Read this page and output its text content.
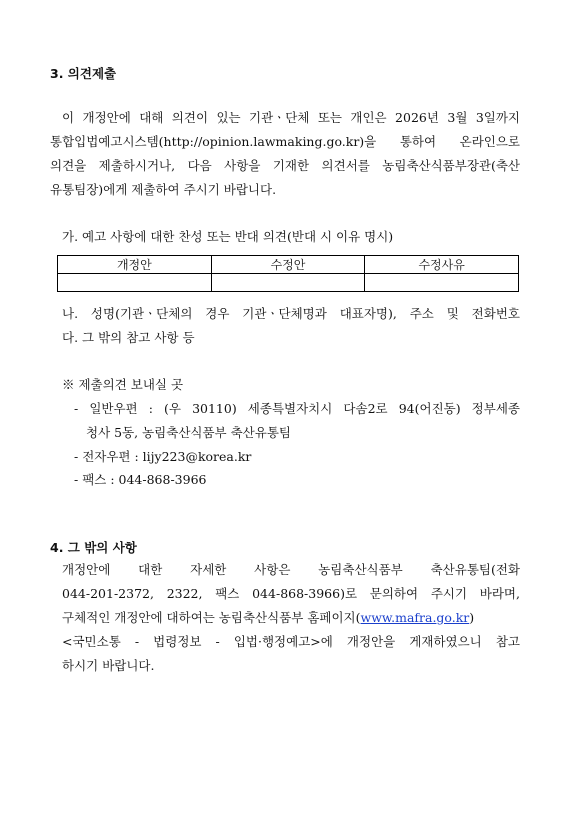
3. 의견제출
이 개정안에 대해 의견이 있는 기관ㆍ단체 또는 개인은 2026년 3월 3일까지
통합입법예고시스템(http://opinion.lawmaking.go.kr)을 통하여 온라인으로
의견을 제출하시거나, 다음 사항을 기재한 의견서를 농림축산식품부장관(축산
유통팀장)에게 제출하여 주시기 바랍니다.
가. 예고 사항에 대한 찬성 또는 반대 의견(반대 시 이유 명시)
개정안	수정안	수정사유

나. 성명(기관ㆍ단체의 경우 기관ㆍ단체명과 대표자명), 주소 및 전화번호
다. 그 밖의 참고 사항 등
※ 제출의견 보내실 곳
- 일반우편 : (우 30110) 세종특별자치시 다솜2로 94(어진동) 정부세종
청사 5동, 농림축산식품부 축산유통팀
- 전자우편 : lijy223@korea.kr
- 팩스 : 044-868-3966
4. 그 밖의 사항
개정안에 대한 자세한 사항은 농림축산식품부 축산유통팀(전화
044-201-2372, 2322, 팩스 044-868-3966)로 문의하여 주시기 바라며,
구체적인 개정안에 대하여는 농림축산식품부 홈페이지(www.mafra.go.kr)
<국민소통 - 법령정보 - 입법·행정예고>에 개정안을 게재하였으니 참고
하시기 바랍니다.
